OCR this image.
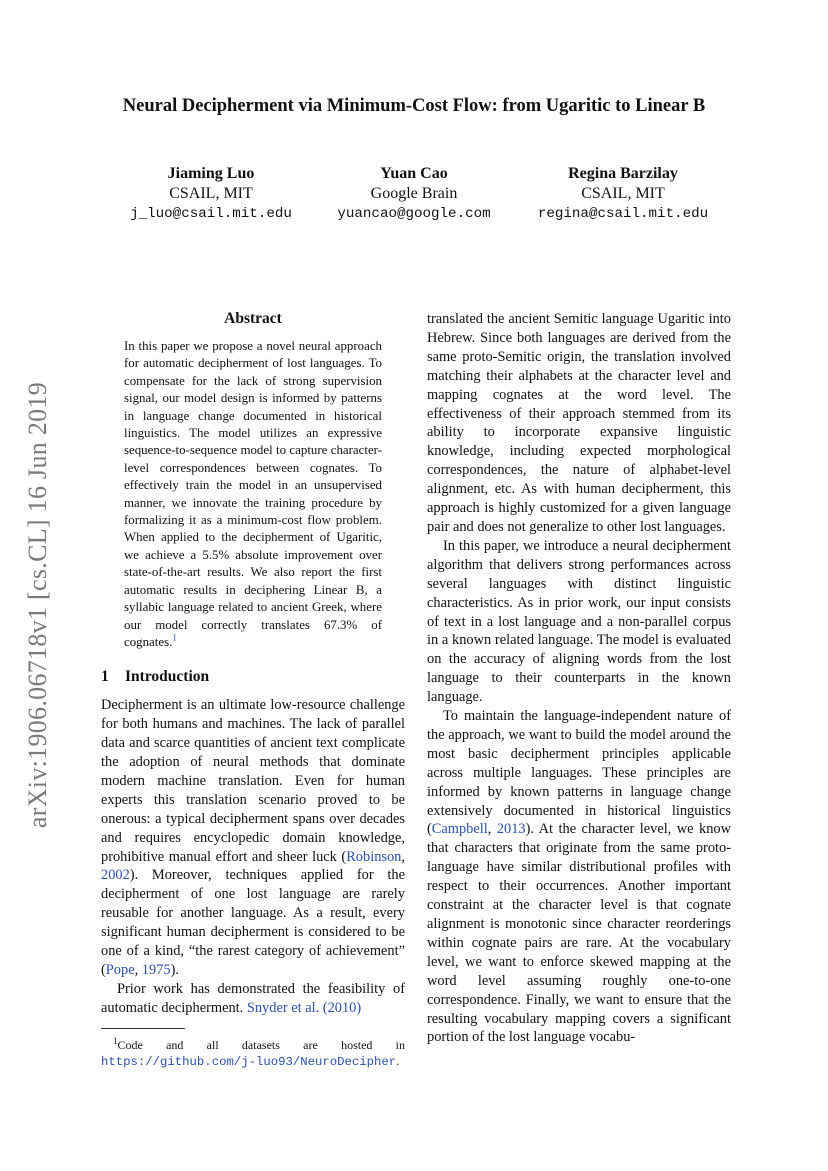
arXiv:1906.06718v1 [cs.CL] 16 Jun 2019
Neural Decipherment via Minimum-Cost Flow: from Ugaritic to Linear B
Jiaming Luo
CSAIL, MIT
j_luo@csail.mit.edu
Yuan Cao
Google Brain
yuancao@google.com
Regina Barzilay
CSAIL, MIT
regina@csail.mit.edu
Abstract
In this paper we propose a novel neural approach for automatic decipherment of lost languages. To compensate for the lack of strong supervision signal, our model design is informed by patterns in language change documented in historical linguistics. The model utilizes an expressive sequence-to-sequence model to capture character-level correspondences between cognates. To effectively train the model in an unsupervised manner, we innovate the training procedure by formalizing it as a minimum-cost flow problem. When applied to the decipherment of Ugaritic, we achieve a 5.5% absolute improvement over state-of-the-art results. We also report the first automatic results in deciphering Linear B, a syllabic language related to ancient Greek, where our model correctly translates 67.3% of cognates.$^1$
1 Introduction

Decipherment is an ultimate low-resource challenge for both humans and machines. The lack of parallel data and scarce quantities of ancient text complicate the adoption of neural methods that dominate modern machine translation. Even for human experts this translation scenario proved to be onerous: a typical decipherment spans over decades and requires encyclopedic domain knowledge, prohibitive manual effort and sheer luck (Robinson, 2002). Moreover, techniques applied for the decipherment of one lost language are rarely reusable for another language. As a result, every significant human decipherment is considered to be one of a kind, “the rarest category of achievement” (Pope, 1975).

Prior work has demonstrated the feasibility of automatic decipherment. Snyder et al. (2010)

$^1$Code and all datasets are hosted in https://github.com/j-luo93/NeuroDecipher.

translated the ancient Semitic language Ugaritic into Hebrew. Since both languages are derived from the same proto-Semitic origin, the translation involved matching their alphabets at the character level and mapping cognates at the word level. The effectiveness of their approach stemmed from its ability to incorporate expansive linguistic knowledge, including expected morphological correspondences, the nature of alphabet-level alignment, etc. As with human decipherment, this approach is highly customized for a given language pair and does not generalize to other lost languages.

In this paper, we introduce a neural decipherment algorithm that delivers strong performances across several languages with distinct linguistic characteristics. As in prior work, our input consists of text in a lost language and a non-parallel corpus in a known related language. The model is evaluated on the accuracy of aligning words from the lost language to their counterparts in the known language.

To maintain the language-independent nature of the approach, we want to build the model around the most basic decipherment principles applicable across multiple languages. These principles are informed by known patterns in language change extensively documented in historical linguistics (Campbell, 2013). At the character level, we know that characters that originate from the same proto-language have similar distributional profiles with respect to their occurrences. Another important constraint at the character level is that cognate alignment is monotonic since character reorderings within cognate pairs are rare. At the vocabulary level, we want to enforce skewed mapping at the word level assuming roughly one-to-one correspondence. Finally, we want to ensure that the resulting vocabulary mapping covers a significant portion of the lost language vocabu-
